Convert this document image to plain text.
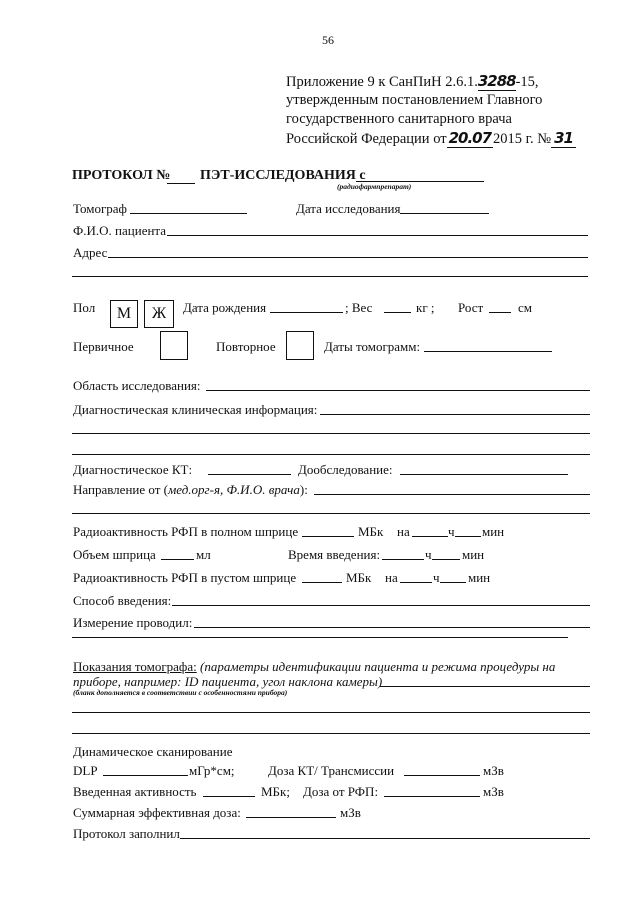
56
Приложение 9 к СанПиН 2.6.1.3288-15,
утвержденным постановлением Главного
государственного санитарного врача
Российской Федерации от 20.07 2015 г. № 31
ПРОТОКОЛ № ПЭТ-ИССЛЕДОВАНИЯ с
(радиофармпрепарат)
Томограф	Дата исследования
Ф.И.О. пациента
Адрес
Пол М Ж Дата рождения	; Вес	кг ; Рост	см
Первичное	Повторное	Даты томограмм:
Область исследования:
Диагностическая клиническая информация:
Диагностическое КТ:	Дообследование:
Направление от (мед.орг-я, Ф.И.О. врача):
Радиоактивность РФП в полном шприце	МБк на	ч мин
Объем шприца	мл	Время введения:	ч мин
Радиоактивность РФП в пустом шприце	МБк на	ч мин
Способ введения:
Измерение проводил:
Показания томографа: (параметры идентификации пациента и режима процедуры на
приборе, например: ID пациента, угол наклона камеры)
(бланк дополняется в соответствии с особенностями прибора)
Динамическое сканирование
DLP	мГр*см;	Доза КТ/ Трансмиссии	мЗв
Введенная активность	МБк; Доза от РФП:	мЗв
Суммарная эффективная доза:	мЗв
Протокол заполнил
